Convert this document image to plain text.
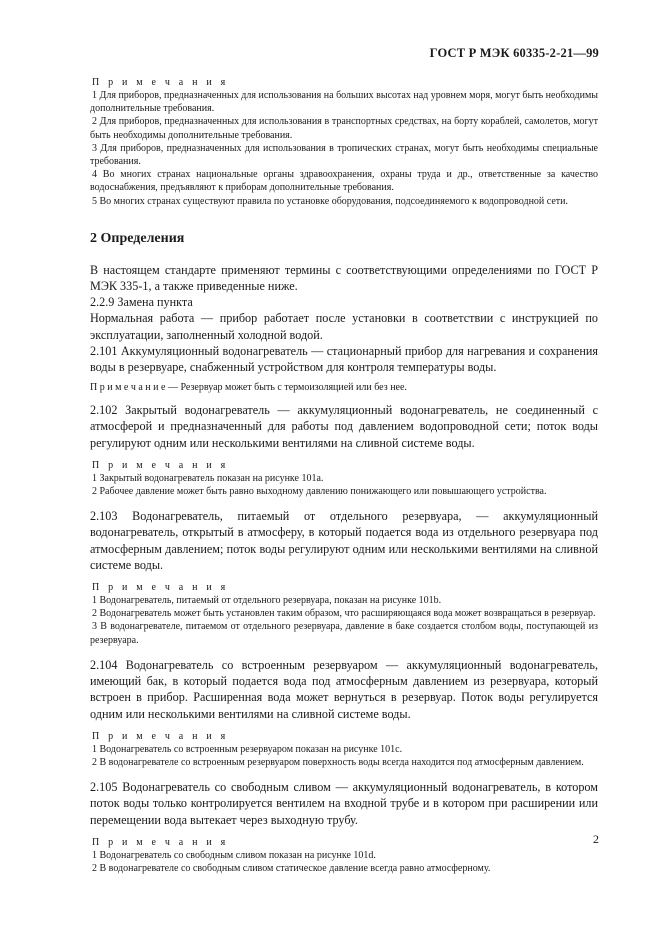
ГОСТ Р МЭК 60335-2-21—99

П р и м е ч а н и я

1 Для приборов, предназначенных для использования на больших высотах над уровнем моря, могут быть необходимы дополнительные требования.

2 Для приборов, предназначенных для использования в транспортных средствах, на борту кораблей, самолетов, могут быть необходимы дополнительные требования.

3 Для приборов, предназначенных для использования в тропических странах, могут быть необходимы специальные требования.

4 Во многих странах национальные органы здравоохранения, охраны труда и др., ответственные за качество водоснабжения, предъявляют к приборам дополнительные требования.

5 Во многих странах существуют правила по установке оборудования, подсоединяемого к водопроводной сети.

2 Определения

В настоящем стандарте применяют термины с соответствующими определениями по ГОСТ Р МЭК 335-1, а также приведенные ниже.

2.2.9 Замена пункта

Нормальная работа — прибор работает после установки в соответствии с инструкцией по эксплуатации, заполненный холодной водой.

2.101 Аккумуляционный водонагреватель — стационарный прибор для нагревания и сохранения воды в резервуаре, снабженный устройством для контроля температуры воды.

П р и м е ч а н и е — Резервуар может быть с термоизоляцией или без нее.

2.102 Закрытый водонагреватель — аккумуляционный водонагреватель, не соединенный с атмосферой и предназначенный для работы под давлением водопроводной сети; поток воды регулируют одним или несколькими вентилями на сливной системе воды.

П р и м е ч а н и я

1 Закрытый водонагреватель показан на рисунке 101a.

2 Рабочее давление может быть равно выходному давлению понижающего или повышающего устройства.

2.103 Водонагреватель, питаемый от отдельного резервуара, — аккумуляционный водонагреватель, открытый в атмосферу, в который подается вода из отдельного резервуара под атмосферным давлением; поток воды регулируют одним или несколькими вентилями на сливной системе воды.

П р и м е ч а н и я

1 Водонагреватель, питаемый от отдельного резервуара, показан на рисунке 101b.

2 Водонагреватель может быть установлен таким образом, что расширяющаяся вода может возвращаться в резервуар.

3 В водонагревателе, питаемом от отдельного резервуара, давление в баке создается столбом воды, поступающей из резервуара.

2.104 Водонагреватель со встроенным резервуаром — аккумуляционный водонагреватель, имеющий бак, в который подается вода под атмосферным давлением из резервуара, который встроен в прибор. Расширенная вода может вернуться в резервуар. Поток воды регулируется одним или несколькими вентилями на сливной системе воды.

П р и м е ч а н и я

1 Водонагреватель со встроенным резервуаром показан на рисунке 101c.

2 В водонагревателе со встроенным резервуаром поверхность воды всегда находится под атмосферным давлением.

2.105 Водонагреватель со свободным сливом — аккумуляционный водонагреватель, в котором поток воды только контролируется вентилем на входной трубе и в котором при расширении или перемещении вода вытекает через выходную трубу.

П р и м е ч а н и я

1 Водонагреватель со свободным сливом показан на рисунке 101d.

2 В водонагревателе со свободным сливом статическое давление всегда равно атмосферному.

2
